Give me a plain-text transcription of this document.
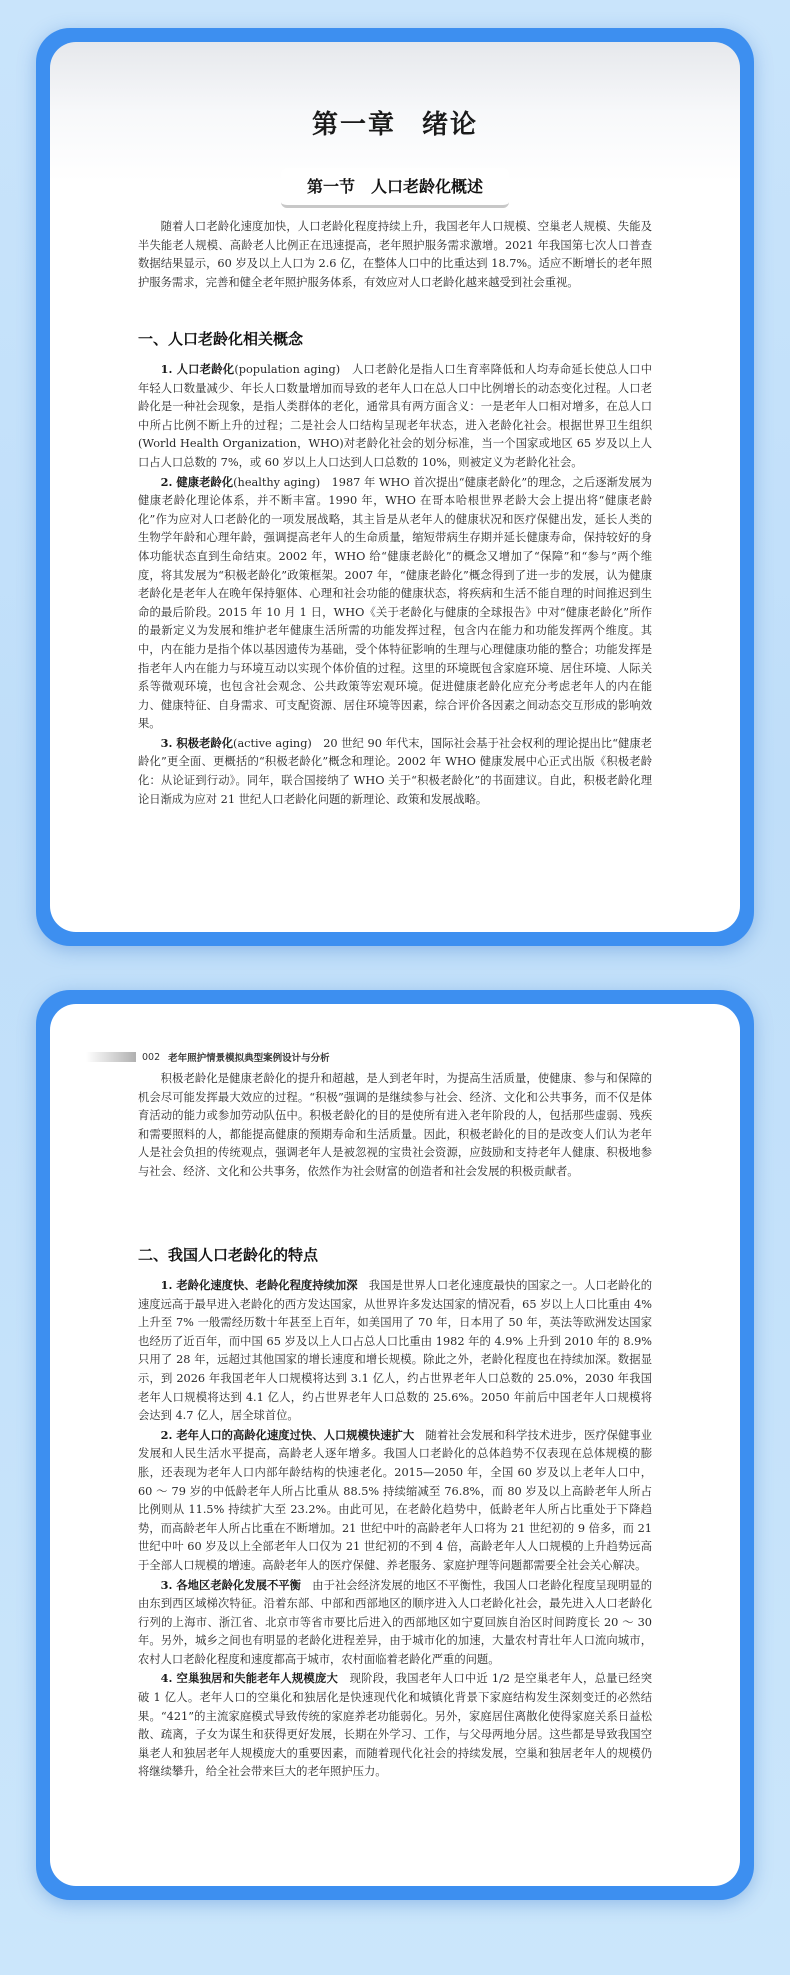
第一章 绪论
第一节　人口老龄化概述

随着人口老龄化速度加快，人口老龄化程度持续上升，我国老年人口规模、空巢老人规模、失能及半失能老人规模、高龄老人比例正在迅速提高，老年照护服务需求激增。2021 年我国第七次人口普查数据结果显示，60 岁及以上人口为 2.6 亿，在整体人口中的比重达到 18.7%。适应不断增长的老年照护服务需求，完善和健全老年照护服务体系，有效应对人口老龄化越来越受到社会重视。

一、人口老龄化相关概念

1. 人口老龄化(population aging)　人口老龄化是指人口生育率降低和人均寿命延长使总人口中年轻人口数量减少、年长人口数量增加而导致的老年人口在总人口中比例增长的动态变化过程。人口老龄化是一种社会现象，是指人类群体的老化，通常具有两方面含义：一是老年人口相对增多，在总人口中所占比例不断上升的过程；二是社会人口结构呈现老年状态，进入老龄化社会。根据世界卫生组织(World Health Organization，WHO)对老龄化社会的划分标准，当一个国家或地区 65 岁及以上人口占人口总数的 7%，或 60 岁以上人口达到人口总数的 10%，则被定义为老龄化社会。

2. 健康老龄化(healthy aging)　1987 年 WHO 首次提出“健康老龄化”的理念，之后逐渐发展为健康老龄化理论体系，并不断丰富。1990 年，WHO 在哥本哈根世界老龄大会上提出将“健康老龄化”作为应对人口老龄化的一项发展战略，其主旨是从老年人的健康状况和医疗保健出发，延长人类的生物学年龄和心理年龄，强调提高老年人的生命质量，缩短带病生存期并延长健康寿命，保持较好的身体功能状态直到生命结束。2002 年，WHO 给“健康老龄化”的概念又增加了“保障”和“参与”两个维度，将其发展为“积极老龄化”政策框架。2007 年，“健康老龄化”概念得到了进一步的发展，认为健康老龄化是老年人在晚年保持躯体、心理和社会功能的健康状态，将疾病和生活不能自理的时间推迟到生命的最后阶段。2015 年 10 月 1 日，WHO《关于老龄化与健康的全球报告》中对“健康老龄化”所作的最新定义为发展和维护老年健康生活所需的功能发挥过程，包含内在能力和功能发挥两个维度。其中，内在能力是指个体以基因遗传为基础，受个体特征影响的生理与心理健康功能的整合；功能发挥是指老年人内在能力与环境互动以实现个体价值的过程。这里的环境既包含家庭环境、居住环境、人际关系等微观环境，也包含社会观念、公共政策等宏观环境。促进健康老龄化应充分考虑老年人的内在能力、健康特征、自身需求、可支配资源、居住环境等因素，综合评价各因素之间动态交互形成的影响效果。

3. 积极老龄化(active aging)　20 世纪 90 年代末，国际社会基于社会权利的理论提出比“健康老龄化”更全面、更概括的“积极老龄化”概念和理论。2002 年 WHO 健康发展中心正式出版《积极老龄化：从论证到行动》。同年，联合国接纳了 WHO 关于“积极老龄化”的书面建议。自此，积极老龄化理论日渐成为应对 21 世纪人口老龄化问题的新理论、政策和发展战略。

002 老年照护情景模拟典型案例设计与分析

积极老龄化是健康老龄化的提升和超越，是人到老年时，为提高生活质量，使健康、参与和保障的机会尽可能发挥最大效应的过程。“积极”强调的是继续参与社会、经济、文化和公共事务，而不仅是体育活动的能力或参加劳动队伍中。积极老龄化的目的是使所有进入老年阶段的人，包括那些虚弱、残疾和需要照料的人，都能提高健康的预期寿命和生活质量。因此，积极老龄化的目的是改变人们认为老年人是社会负担的传统观点，强调老年人是被忽视的宝贵社会资源，应鼓励和支持老年人健康、积极地参与社会、经济、文化和公共事务，依然作为社会财富的创造者和社会发展的积极贡献者。

二、我国人口老龄化的特点

1. 老龄化速度快、老龄化程度持续加深　我国是世界人口老化速度最快的国家之一。人口老龄化的速度远高于最早进入老龄化的西方发达国家，从世界许多发达国家的情况看，65 岁以上人口比重由 4% 上升至 7% 一般需经历数十年甚至上百年，如美国用了 70 年，日本用了 50 年，英法等欧洲发达国家也经历了近百年，而中国 65 岁及以上人口占总人口比重由 1982 年的 4.9% 上升到 2010 年的 8.9% 只用了 28 年，远超过其他国家的增长速度和增长规模。除此之外，老龄化程度也在持续加深。数据显示，到 2026 年我国老年人口规模将达到 3.1 亿人，约占世界老年人口总数的 25.0%，2030 年我国老年人口规模将达到 4.1 亿人，约占世界老年人口总数的 25.6%。2050 年前后中国老年人口规模将会达到 4.7 亿人，居全球首位。

2. 老年人口的高龄化速度过快、人口规模快速扩大　随着社会发展和科学技术进步，医疗保健事业发展和人民生活水平提高，高龄老人逐年增多。我国人口老龄化的总体趋势不仅表现在总体规模的膨胀，还表现为老年人口内部年龄结构的快速老化。2015—2050 年，全国 60 岁及以上老年人口中，60 ～ 79 岁的中低龄老年人所占比重从 88.5% 持续缩减至 76.8%，而 80 岁及以上高龄老年人所占比例则从 11.5% 持续扩大至 23.2%。由此可见，在老龄化趋势中，低龄老年人所占比重处于下降趋势，而高龄老年人所占比重在不断增加。21 世纪中叶的高龄老年人口将为 21 世纪初的 9 倍多，而 21 世纪中叶 60 岁及以上全部老年人口仅为 21 世纪初的不到 4 倍，高龄老年人人口规模的上升趋势远高于全部人口规模的增速。高龄老年人的医疗保健、养老服务、家庭护理等问题都需要全社会关心解决。

3. 各地区老龄化发展不平衡　由于社会经济发展的地区不平衡性，我国人口老龄化程度呈现明显的由东到西区域梯次特征。沿着东部、中部和西部地区的顺序进入人口老龄化社会，最先进入人口老龄化行列的上海市、浙江省、北京市等省市要比后进入的西部地区如宁夏回族自治区时间跨度长 20 ～ 30 年。另外，城乡之间也有明显的老龄化进程差异，由于城市化的加速，大量农村青壮年人口流向城市，农村人口老龄化程度和速度都高于城市，农村面临着老龄化严重的问题。

4. 空巢独居和失能老年人规模庞大　现阶段，我国老年人口中近 1/2 是空巢老年人，总量已经突破 1 亿人。老年人口的空巢化和独居化是快速现代化和城镇化背景下家庭结构发生深刻变迁的必然结果。“421”的主流家庭模式导致传统的家庭养老功能弱化。另外，家庭居住离散化使得家庭关系日益松散、疏离，子女为谋生和获得更好发展，长期在外学习、工作，与父母两地分居。这些都是导致我国空巢老人和独居老年人规模庞大的重要因素，而随着现代化社会的持续发展，空巢和独居老年人的规模仍将继续攀升，给全社会带来巨大的老年照护压力。
